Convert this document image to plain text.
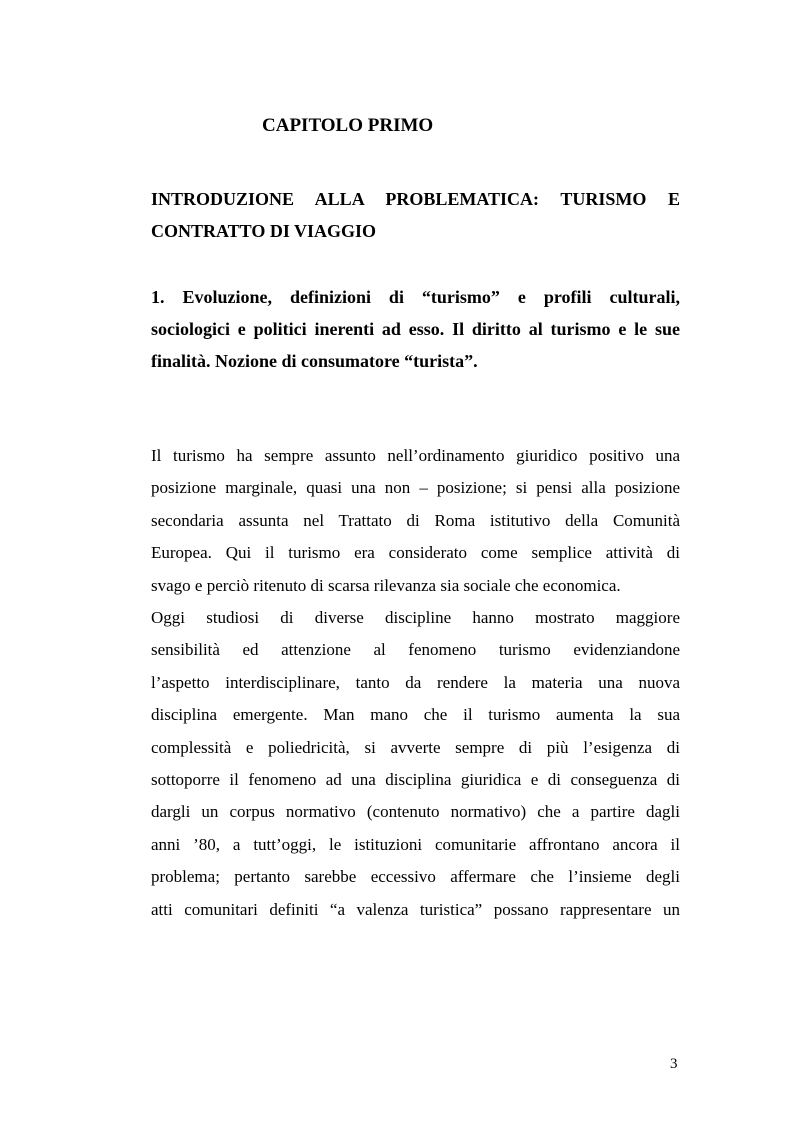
CAPITOLO PRIMO
INTRODUZIONE ALLA PROBLEMATICA: TURISMO E
CONTRATTO DI VIAGGIO
1. Evoluzione, definizioni di “turismo” e profili culturali,
sociologici e politici inerenti ad esso. Il diritto al turismo e le sue
finalità. Nozione di consumatore “turista”.
Il turismo ha sempre assunto nell’ordinamento giuridico positivo una
posizione marginale, quasi una non – posizione; si pensi alla posizione
secondaria assunta nel Trattato di Roma istitutivo della Comunità
Europea. Qui il turismo era considerato come semplice attività di
svago e perciò ritenuto di scarsa rilevanza sia sociale che economica.
Oggi studiosi di diverse discipline hanno mostrato maggiore
sensibilità ed attenzione al fenomeno turismo evidenziandone
l’aspetto interdisciplinare, tanto da rendere la materia una nuova
disciplina emergente. Man mano che il turismo aumenta la sua
complessità e poliedricità, si avverte sempre di più l’esigenza di
sottoporre il fenomeno ad una disciplina giuridica e di conseguenza di
dargli un corpus normativo (contenuto normativo) che a partire dagli
anni ’80, a tutt’oggi, le istituzioni comunitarie affrontano ancora il
problema; pertanto sarebbe eccessivo affermare che l’insieme degli
atti comunitari definiti “a valenza turistica” possano rappresentare un
3
